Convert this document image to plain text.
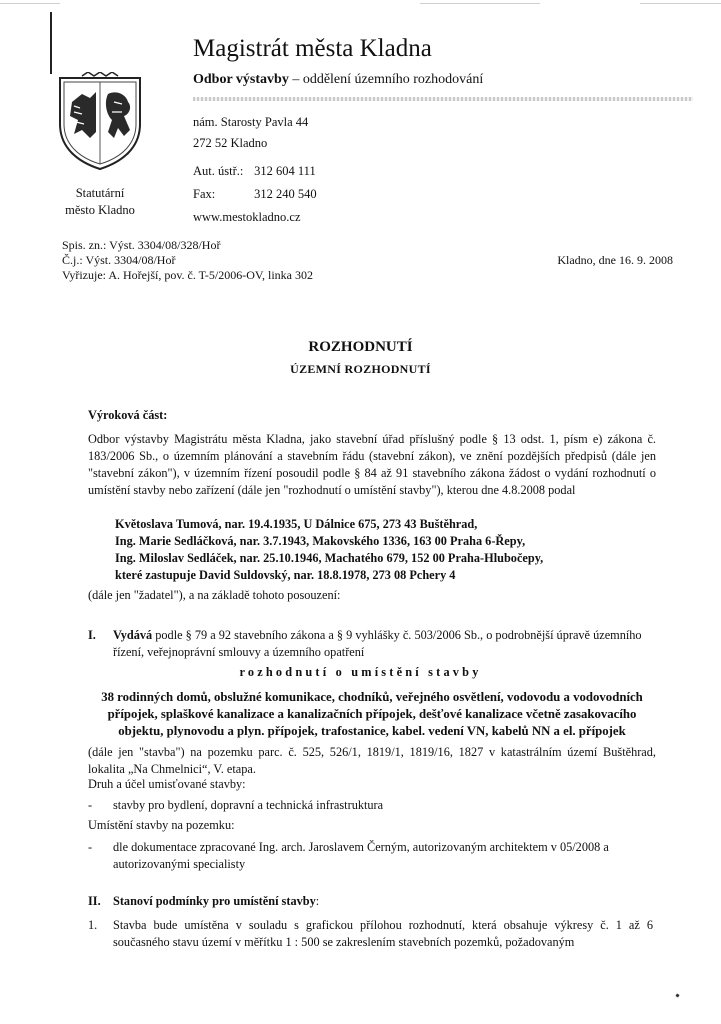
Statutární
město Kladno
Magistrát města Kladna
Odbor výstavby – oddělení územního rozhodování
nám. Starosty Pavla 44
272 52 Kladno
Aut. ústř.: 312 604 111
Fax:	312 240 540
www.mestokladno.cz
Spis. zn.: Výst. 3304/08/328/Hoř
Č.j.: Výst. 3304/08/Hoř
Vyřizuje: A. Hořejší, pov. č. T-5/2006-OV, linka 302
Kladno, dne 16. 9. 2008
ROZHODNUTÍ
ÚZEMNÍ ROZHODNUTÍ
Výroková část:
Odbor výstavby Magistrátu města Kladna, jako stavební úřad příslušný podle § 13 odst. 1, písm e) zákona č. 183/2006 Sb., o územním plánování a stavebním řádu (stavební zákon), ve znění pozdějších předpisů (dále jen "stavební zákon"), v územním řízení posoudil podle § 84 až 91 stavebního zákona žádost o vydání rozhodnutí o umístění stavby nebo zařízení (dále jen "rozhodnutí o umístění stavby"), kterou dne 4.8.2008 podal
Květoslava Tumová, nar. 19.4.1935, U Dálnice 675, 273 43 Buštěhrad,
Ing. Marie Sedláčková, nar. 3.7.1943, Makovského 1336, 163 00 Praha 6-Řepy,
Ing. Miloslav Sedláček, nar. 25.10.1946, Machatého 679, 152 00 Praha-Hlubočepy,
které zastupuje David Suldovský, nar. 18.8.1978, 273 08 Pchery 4
(dále jen "žadatel"), a na základě tohoto posouzení:
I. Vydává podle § 79 a 92 stavebního zákona a § 9 vyhlášky č. 503/2006 Sb., o podrobnější úpravě územního řízení, veřejnoprávní smlouvy a územního opatření
rozhodnutí o umístění stavby
38 rodinných domů, obslužné komunikace, chodníků, veřejného osvětlení, vodovodu a vodovodních přípojek, splaškové kanalizace a kanalizačních přípojek, dešťové kanalizace včetně zasakovacího objektu, plynovodu a plyn. přípojek, trafostanice, kabel. vedení VN, kabelů NN a el. přípojek
(dále jen "stavba") na pozemku parc. č. 525, 526/1, 1819/1, 1819/16, 1827 v katastrálním území Buštěhrad, lokalita „Na Chmelnici“, V. etapa.
Druh a účel umisťované stavby:
- stavby pro bydlení, dopravní a technická infrastruktura
Umístění stavby na pozemku:
- dle dokumentace zpracované Ing. arch. Jaroslavem Černým, autorizovaným architektem v 05/2008 a autorizovanými specialisty
II. Stanoví podmínky pro umístění stavby:
1. Stavba bude umístěna v souladu s grafickou přílohou rozhodnutí, která obsahuje výkresy č. 1 až 6 současného stavu území v měřítku 1 : 500 se zakreslením stavebních pozemků, požadovaným
